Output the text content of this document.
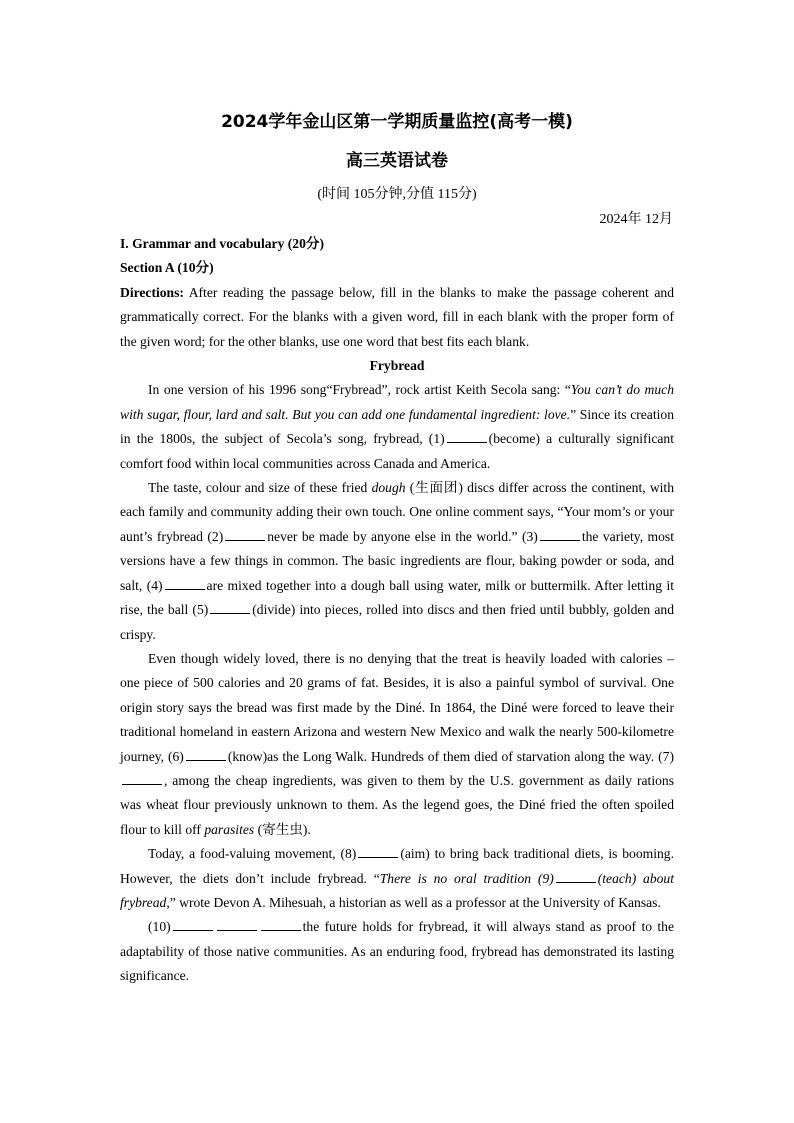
2024学年金山区第一学期质量监控(高考一模)
高三英语试卷
(时间 105分钟,分值 115分)
2024年 12月

I. Grammar and vocabulary (20分)

Section A (10分)

Directions: After reading the passage below, fill in the blanks to make the passage coherent and grammatically correct. For the blanks with a given word, fill in each blank with the proper form of the given word; for the other blanks, use one word that best fits each blank.

Frybread

In one version of his 1996 song“Frybread”, rock artist Keith Secola sang: “You can’t do much with sugar, flour, lard and salt. But you can add one fundamental ingredient: love.” Since its creation in the 1800s, the subject of Secola’s song, frybread, (1)	(become) a culturally significant comfort food within local communities across Canada and America.

The taste, colour and size of these fried dough (生面团) discs differ across the continent, with each family and community adding their own touch. One online comment says, “Your mom’s or your aunt’s frybread (2)	never be made by anyone else in the world.” (3)	the variety, most versions have a few things in common. The basic ingredients are flour, baking powder or soda, and salt, (4)	are mixed together into a dough ball using water, milk or buttermilk. After letting it rise, the ball (5)	(divide) into pieces, rolled into discs and then fried until bubbly, golden and crispy.

Even though widely loved, there is no denying that the treat is heavily loaded with calories – one piece of 500 calories and 20 grams of fat. Besides, it is also a painful symbol of survival. One origin story says the bread was first made by the Diné. In 1864, the Diné were forced to leave their traditional homeland in eastern Arizona and western New Mexico and walk the nearly 500-kilometre journey, (6)	(know)as the Long Walk. Hundreds of them died of starvation along the way. (7), among the cheap ingredients, was given to them by the U.S. government as daily rations was wheat flour previously unknown to them. As the legend goes, the Diné fried the often spoiled flour to kill off parasites (寄生虫).

Today, a food-valuing movement, (8)	(aim) to bring back traditional diets, is booming. However, the diets don’t include frybread. “There is no oral tradition (9)	(teach) about frybread,” wrote Devon A. Mihesuah, a historian as well as a professor at the University of Kansas.

(10)	the future holds for frybread, it will always stand as proof to the adaptability of those native communities. As an enduring food, frybread has demonstrated its lasting significance.
